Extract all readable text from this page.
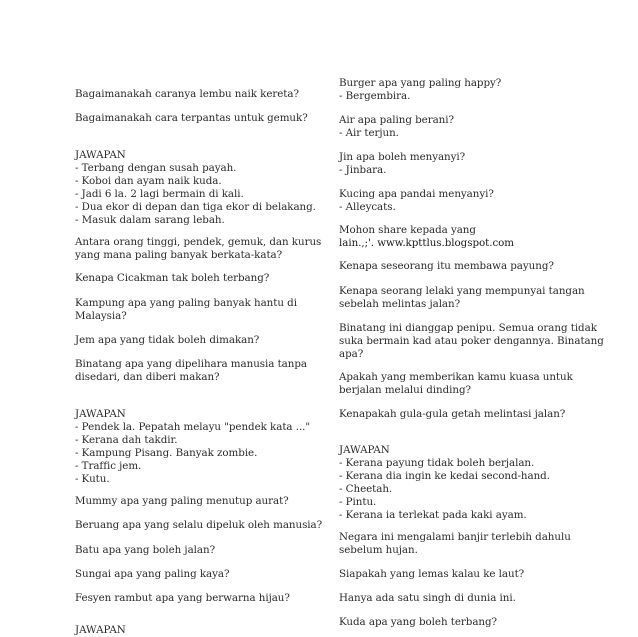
Bagaimanakah caranya lembu naik kereta?
Bagaimanakah cara terpantas untuk gemuk?
JAWAPAN
- Terbang dengan susah payah.
- Koboi dan ayam naik kuda.
- Jadi 6 la. 2 lagi bermain di kali.
- Dua ekor di depan dan tiga ekor di belakang.
- Masuk dalam sarang lebah.
Antara orang tinggi, pendek, gemuk, dan kurus
yang mana paling banyak berkata-kata?
Kenapa Cicakman tak boleh terbang?
Kampung apa yang paling banyak hantu di
Malaysia?
Jem apa yang tidak boleh dimakan?
Binatang apa yang dipelihara manusia tanpa
disedari, dan diberi makan?
JAWAPAN
- Pendek la. Pepatah melayu "pendek kata ..."
- Kerana dah takdir.
- Kampung Pisang. Banyak zombie.
- Traffic jem.
- Kutu.
Mummy apa yang paling menutup aurat?
Beruang apa yang selalu dipeluk oleh manusia?
Batu apa yang boleh jalan?
Sungai apa yang paling kaya?
Fesyen rambut apa yang berwarna hijau?
JAWAPAN
Burger apa yang paling happy?
- Bergembira.
Air apa paling berani?
- Air terjun.
Jin apa boleh menyanyi?
- Jinbara.
Kucing apa pandai menyanyi?
- Alleycats.
Mohon share kepada yang
lain.,;'. www.kpttlus.blogspot.com
Kenapa seseorang itu membawa payung?
Kenapa seorang lelaki yang mempunyai tangan
sebelah melintas jalan?
Binatang ini dianggap penipu. Semua orang tidak
suka bermain kad atau poker dengannya. Binatang
apa?
Apakah yang memberikan kamu kuasa untuk
berjalan melalui dinding?
Kenapakah gula-gula getah melintasi jalan?
JAWAPAN
- Kerana payung tidak boleh berjalan.
- Kerana dia ingin ke kedai second-hand.
- Cheetah.
- Pintu.
- Kerana ia terlekat pada kaki ayam.
Negara ini mengalami banjir terlebih dahulu
sebelum hujan.
Siapakah yang lemas kalau ke laut?
Hanya ada satu singh di dunia ini.
Kuda apa yang boleh terbang?
